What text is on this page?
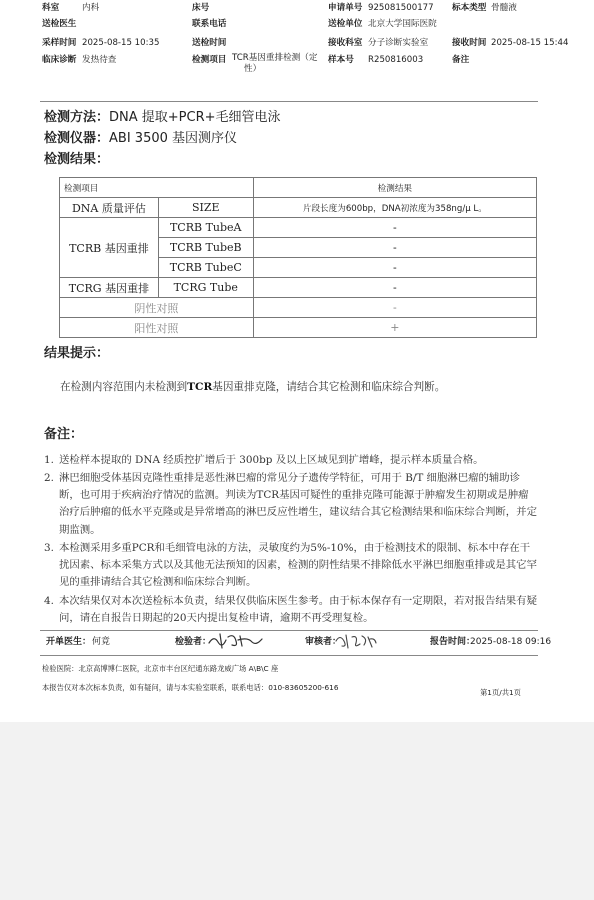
科室	内科	床号	申请单号 925081500177 标本类型 骨髓液
送检医生	联系电话	送检单位 北京大学国际医院
采样时间 2025-08-15 10:35	送检时间	接收科室 分子诊断实验室	接收时间 2025-08-15 15:44
临床诊断 发热待查	检测项目 TCR基因重排检测（定
性）
样本号 R250816003	备注
检测方法：DNA 提取+PCR+毛细管电泳
检测仪器：ABI 3500 基因测序仪
检测结果：
检测项目		检测结果
DNA 质量评估	SIZE	片段长度为600bp，DNA初浓度为358ng/μ L。
TCRB 基因重排	TCRB TubeA	-
	TCRB TubeB	-
	TCRB TubeC	-
TCRG 基因重排	TCRG Tube	-
阴性对照		-
阳性对照		+
结果提示：
在检测内容范围内未检测到TCR基因重排克隆，请结合其它检测和临床综合判断。
备注：
1. 送检样本提取的 DNA 经质控扩增后于 300bp 及以上区域见到扩增峰，提示样本质量合格。
2. 淋巴细胞受体基因克隆性重排是恶性淋巴瘤的常见分子遗传学特征，可用于 B/T 细胞淋巴瘤的辅助诊断，也可用于疾病治疗情况的监测。判读为TCR基因可疑性的重排克隆可能源于肿瘤发生初期或是肿瘤治疗后肿瘤的低水平克隆或是异常增高的淋巴反应性增生，建议结合其它检测结果和临床综合判断，并定期监测。
3. 本检测采用多重PCR和毛细管电泳的方法，灵敏度约为5%-10%，由于检测技术的限制、标本中存在干扰因素、标本采集方式以及其他无法预知的因素，检测的阴性结果不排除低水平淋巴细胞重排或是其它罕见的重排请结合其它检测和临床综合判断。
4. 本次结果仅对本次送检标本负责，结果仅供临床医生参考。由于标本保存有一定期限，若对报告结果有疑问，请在自报告日期起的20天内提出复检申请，逾期不再受理复检。
开单医生： 何竟	检验者：	审核者：	报告时间：
2025-08-18 09:16
检验医院：北京高博博仁医院，北京市丰台区纪通东路龙威广场 A\B\C 座
本报告仅对本次标本负责，如有疑问，请与本实验室联系，联系电话：010-83605200-616
第1页/共1页
